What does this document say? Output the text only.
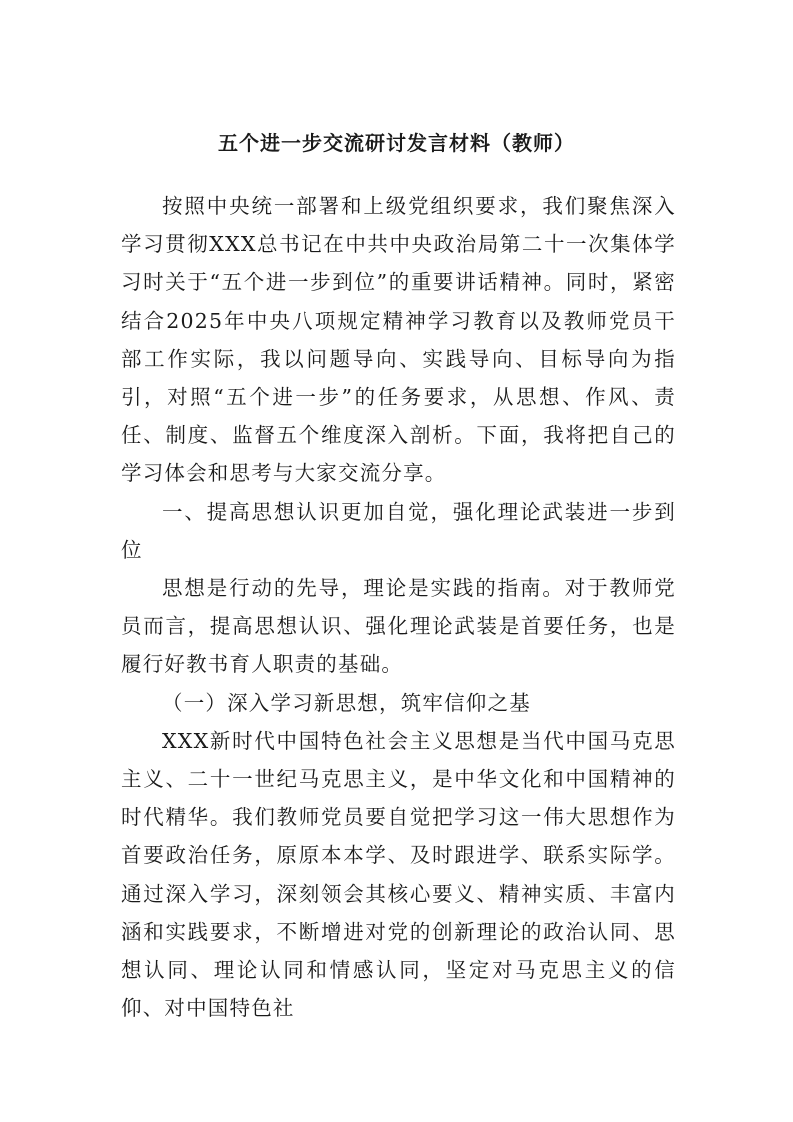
五个进一步交流研讨发言材料（教师）

按照中央统一部署和上级党组织要求，我们聚焦深入学习贯彻XXX总书记在中共中央政治局第二十一次集体学习时关于“五个进一步到位”的重要讲话精神。同时，紧密结合2025年中央八项规定精神学习教育以及教师党员干部工作实际，我以问题导向、实践导向、目标导向为指引，对照“五个进一步”的任务要求，从思想、作风、责任、制度、监督五个维度深入剖析。下面，我将把自己的学习体会和思考与大家交流分享。

一、提高思想认识更加自觉，强化理论武装进一步到位

思想是行动的先导，理论是实践的指南。对于教师党员而言，提高思想认识、强化理论武装是首要任务，也是履行好教书育人职责的基础。

（一）深入学习新思想，筑牢信仰之基

XXX新时代中国特色社会主义思想是当代中国马克思主义、二十一世纪马克思主义，是中华文化和中国精神的时代精华。我们教师党员要自觉把学习这一伟大思想作为首要政治任务，原原本本学、及时跟进学、联系实际学。通过深入学习，深刻领会其核心要义、精神实质、丰富内涵和实践要求，不断增进对党的创新理论的政治认同、思想认同、理论认同和情感认同，坚定对马克思主义的信仰、对中国特色社
